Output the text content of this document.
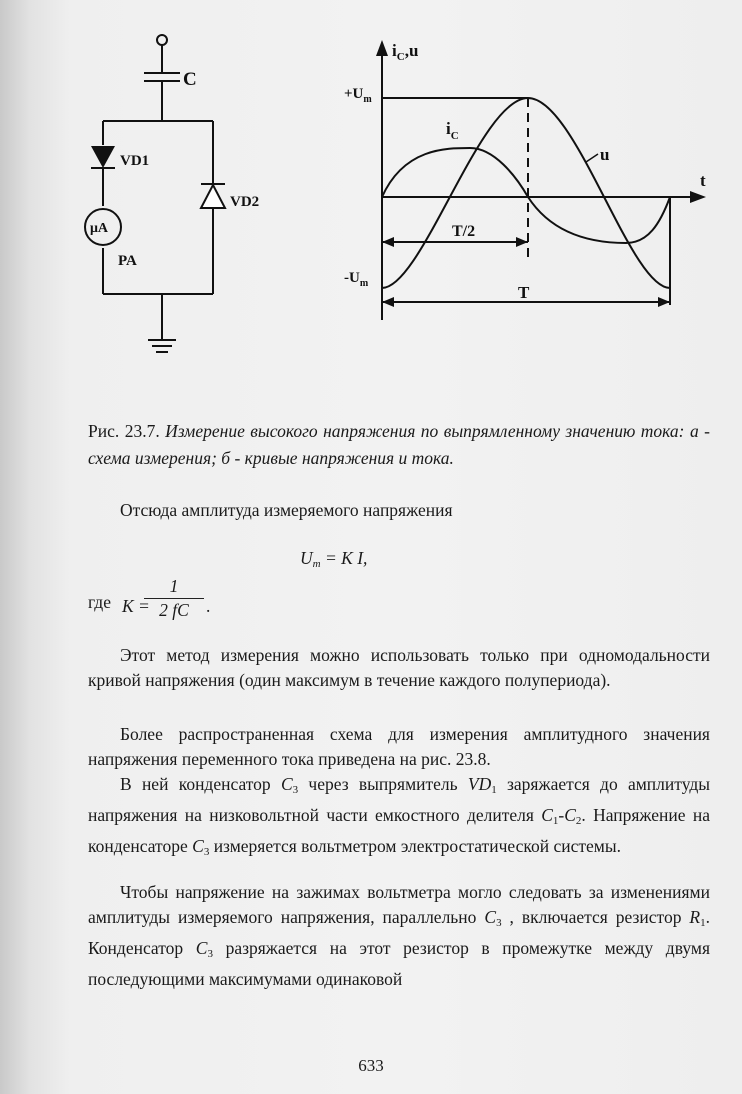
C
VD1
VD2
μA
PA
$i_C,u$
t
$+U_m$
$-U_m$
$i_C$
u
T/2
T
Рис. 23.7. Измерение высокого напряжения по выпрямленному значению тока: а - схема измерения; б - кривые напряжения и тока.

Отсюда амплитуда измеряемого напряжения

$U_m = K$ I,
где K =
$\frac{1}{2 fC}$ .

Этот метод измерения можно использовать только при одномодальности кривой напряжения (один максимум в течение каждого полупериода).

Более распространенная схема для измерения амплитудного значения напряжения переменного тока приведена на рис. 23.8.

В ней конденсатор $C_3$ через выпрямитель $VD_1$ заряжается до амплитуды напряжения на низковольтной части емкостного делителя $C_1-C_2$. Напряжение на конденсаторе $C_3$ измеряется вольтметром электростатической системы.

Чтобы напряжение на зажимах вольтметра могло следовать за изменениями амплитуды измеряемого напряжения, параллельно $C_3$ , включается резистор $R_1$. Конденсатор $C_3$ разряжается на этот резистор в промежутке между двумя последующими максимумами одинаковой

633
